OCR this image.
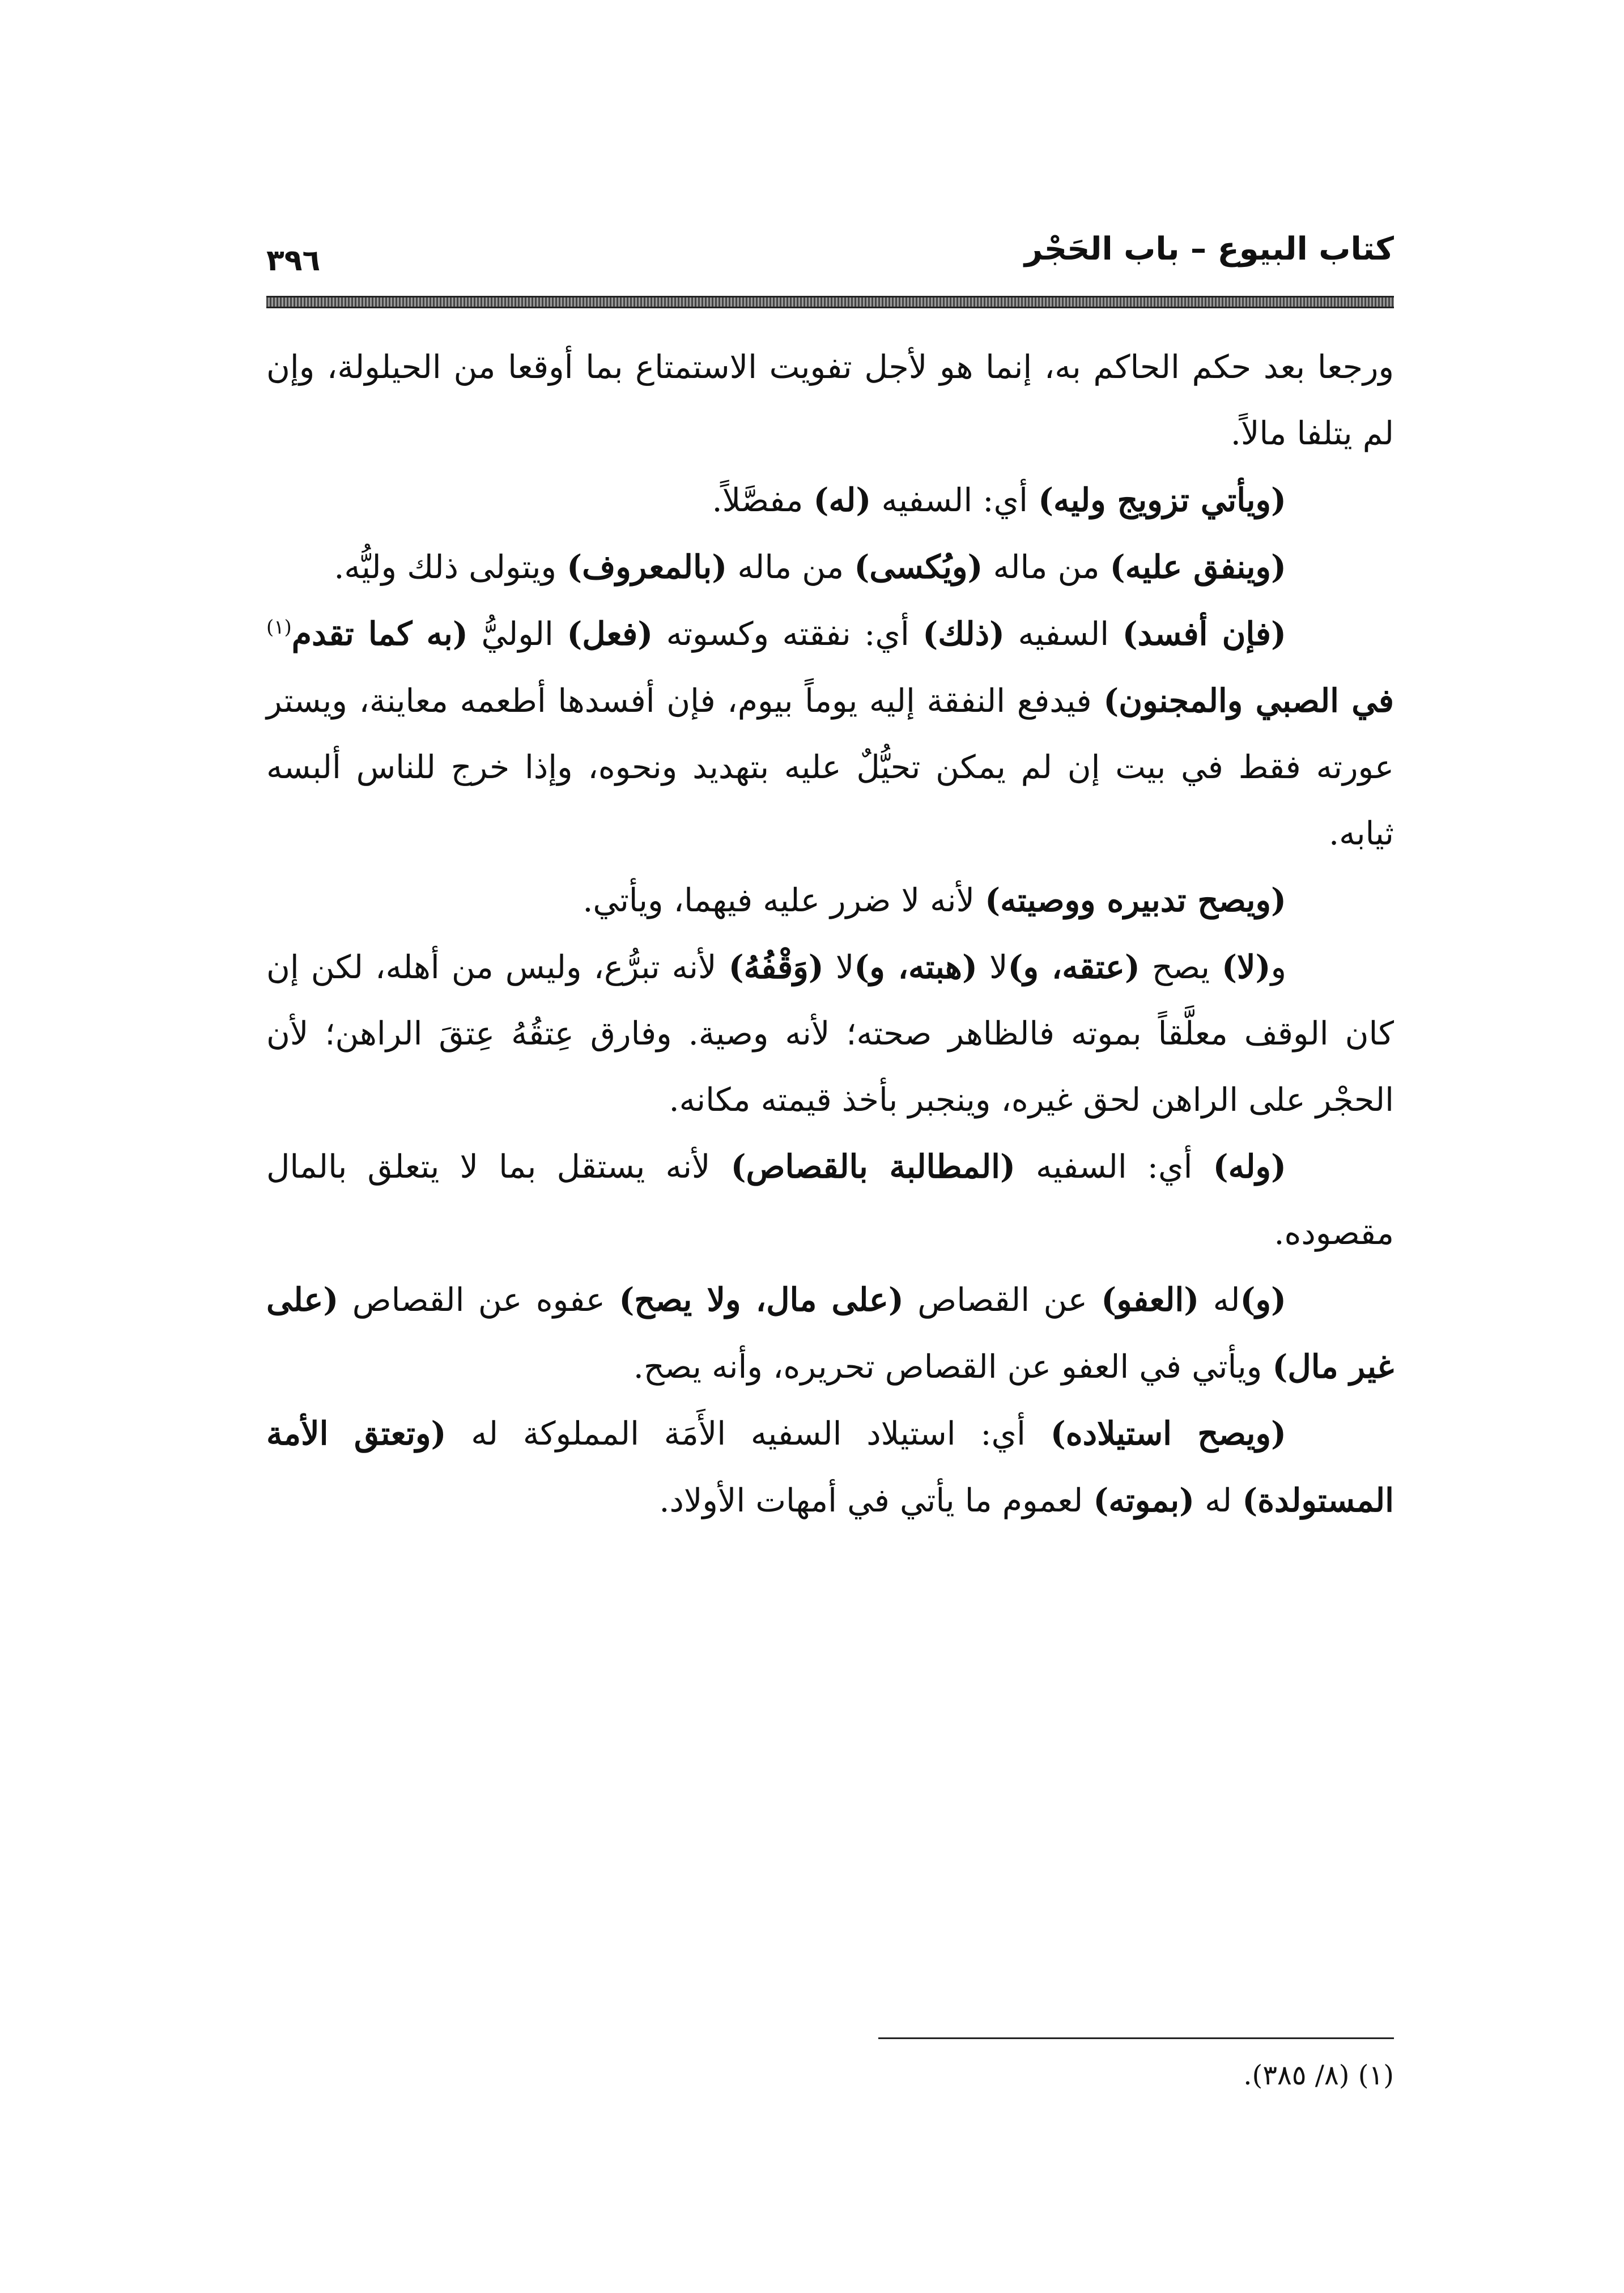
كتاب البيوع – باب الحَجْر
٣٩٦

ورجعا بعد حكم الحاكم به، إنما هو لأجل تفويت الاستمتاع بما أوقعا من الحيلولة، وإن لم يتلفا مالاً.

(ويأتي تزويج وليه) أي: السفيه (له) مفصَّلاً.

(وينفق عليه) من ماله (ويُكسى) من ماله (بالمعروف) ويتولى ذلك وليُّه.

(فإن أفسد) السفيه (ذلك) أي: نفقته وكسوته (فعل) الوليُّ (به كما تقدم$^{(١)}$ في الصبي والمجنون) فيدفع النفقة إليه يوماً بيوم، فإن أفسدها أطعمه معاينة، ويستر عورته فقط في بيت إن لم يمكن تحيُّلٌ عليه بتهديد ونحوه، وإذا خرج للناس ألبسه ثيابه.

(ويصح تدبيره ووصيته) لأنه لا ضرر عليه فيهما، ويأتي.

و(لا) يصح (عتقه، و)لا (هبته، و)لا (وَقْفُهُ) لأنه تبرُّع، وليس من أهله، لكن إن كان الوقف معلَّقاً بموته فالظاهر صحته؛ لأنه وصية. وفارق عِتقُهُ عِتقَ الراهن؛ لأن الحجْر على الراهن لحق غيره، وينجبر بأخذ قيمته مكانه.

(وله) أي: السفيه (المطالبة بالقصاص) لأنه يستقل بما لا يتعلق بالمال مقصوده.

(و)له (العفو) عن القصاص (على مال، ولا يصح) عفوه عن القصاص (على غير مال) ويأتي في العفو عن القصاص تحريره، وأنه يصح.

(ويصح استيلاده) أي: استيلاد السفيه الأَمَة المملوكة له (وتعتق الأمة المستولدة) له (بموته) لعموم ما يأتي في أمهات الأولاد.

(١) (٨/ ٣٨٥).
